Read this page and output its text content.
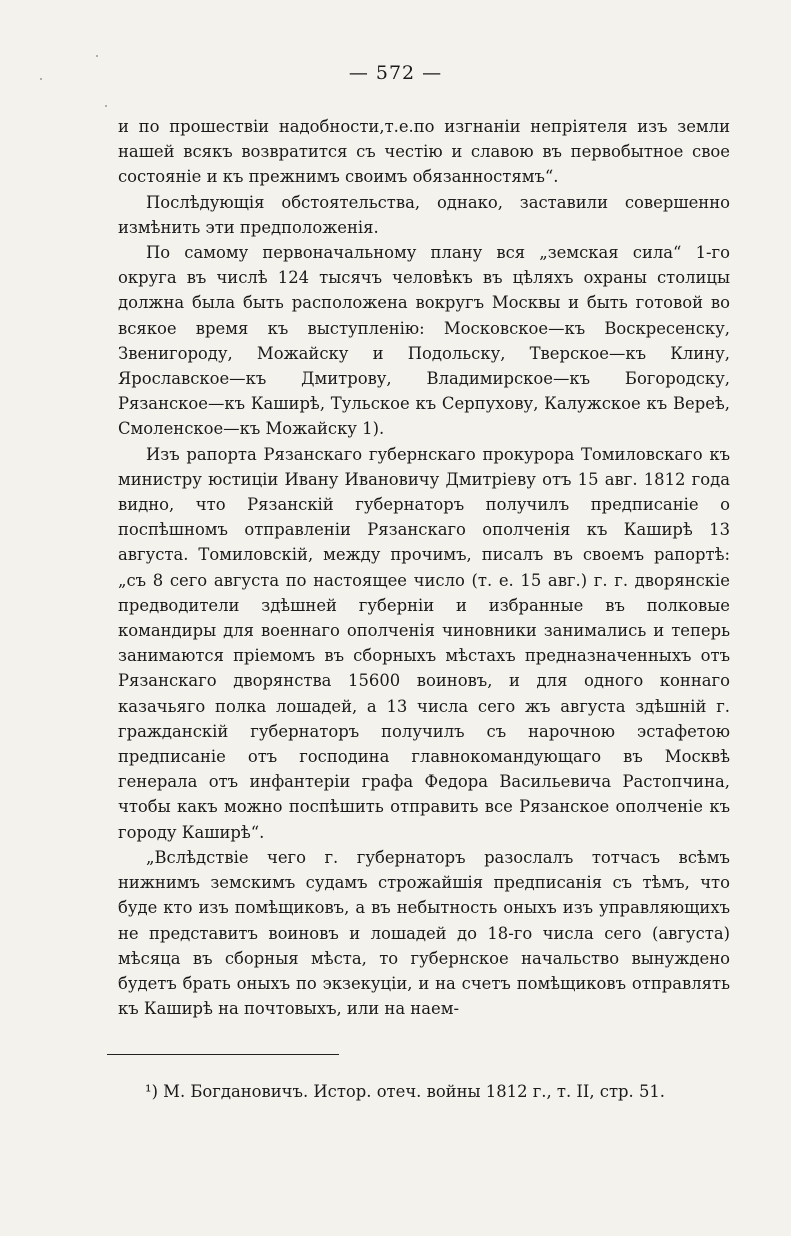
— 572 —

и по прошествіи надобности,т.е.по изгнаніи непріятеля изъ земли нашей всякъ возвратится съ честію и славою въ первобытное свое состояніе и къ прежнимъ своимъ обязанностямъ“.

Послѣдующія обстоятельства, однако, заставили совершенно измѣнить эти предположенія.

По самому первоначальному плану вся „земская сила“ 1-го округа въ числѣ 124 тысячъ человѣкъ въ цѣляхъ охраны столицы должна была быть расположена вокругъ Москвы и быть готовой во всякое время къ выступленію: Московское—къ Воскресенску, Звенигороду, Можайску и Подольску, Тверское—къ Клину, Ярославское—къ Дмитрову, Владимирское—къ Богородску, Рязанское—къ Каширѣ, Тульское къ Серпухову, Калужское къ Верeѣ, Смоленское—къ Можайску 1).

Изъ рапорта Рязанскаго губернскаго прокурора Томиловскаго къ министру юстиціи Ивану Ивановичу Дмитріеву отъ 15 авг. 1812 года видно, что Рязанскій губернаторъ получилъ предписаніе о поспѣшномъ отправленіи Рязанскаго ополченія къ Каширѣ 13 августа. Томиловскій, между прочимъ, писалъ въ своемъ рапортѣ: „съ 8 сего августа по настоящее число (т. е. 15 авг.) г. г. дворянскіе предводители здѣшней губерніи и избранные въ полковые командиры для военнаго ополченія чиновники занимались и теперь занимаются пріемомъ въ сборныхъ мѣстахъ предназначенныхъ отъ Рязанскаго дворянства 15600 воиновъ, и для одного коннаго казачьяго полка лошадей, а 13 числа сего жъ августа здѣшній г. гражданскій губернаторъ получилъ съ нарочною эстафетою предписаніе отъ господина главнокомандующаго въ Москвѣ генерала отъ инфантеріи графа Федора Васильевича Растопчина, чтобы какъ можно поспѣшить отправить все Рязанское ополченіе къ городу Каширѣ“.

„Вслѣдствіе чего г. губернаторъ разослалъ тотчасъ всѣмъ нижнимъ земскимъ судамъ строжайшія предписанія съ тѣмъ, что буде кто изъ помѣщиковъ, а въ небытность оныхъ изъ управляющихъ не представитъ воиновъ и лошадей до 18-го числа сего (августа) мѣсяца въ сборныя мѣста, то губернское начальство вынуждено будетъ брать оныхъ по экзекуціи, и на счетъ помѣщиковъ отправлять къ Каширѣ на почтовыхъ, или на наем-

¹) М. Богдановичъ. Истор. отеч. войны 1812 г., т. II, стр. 51.
